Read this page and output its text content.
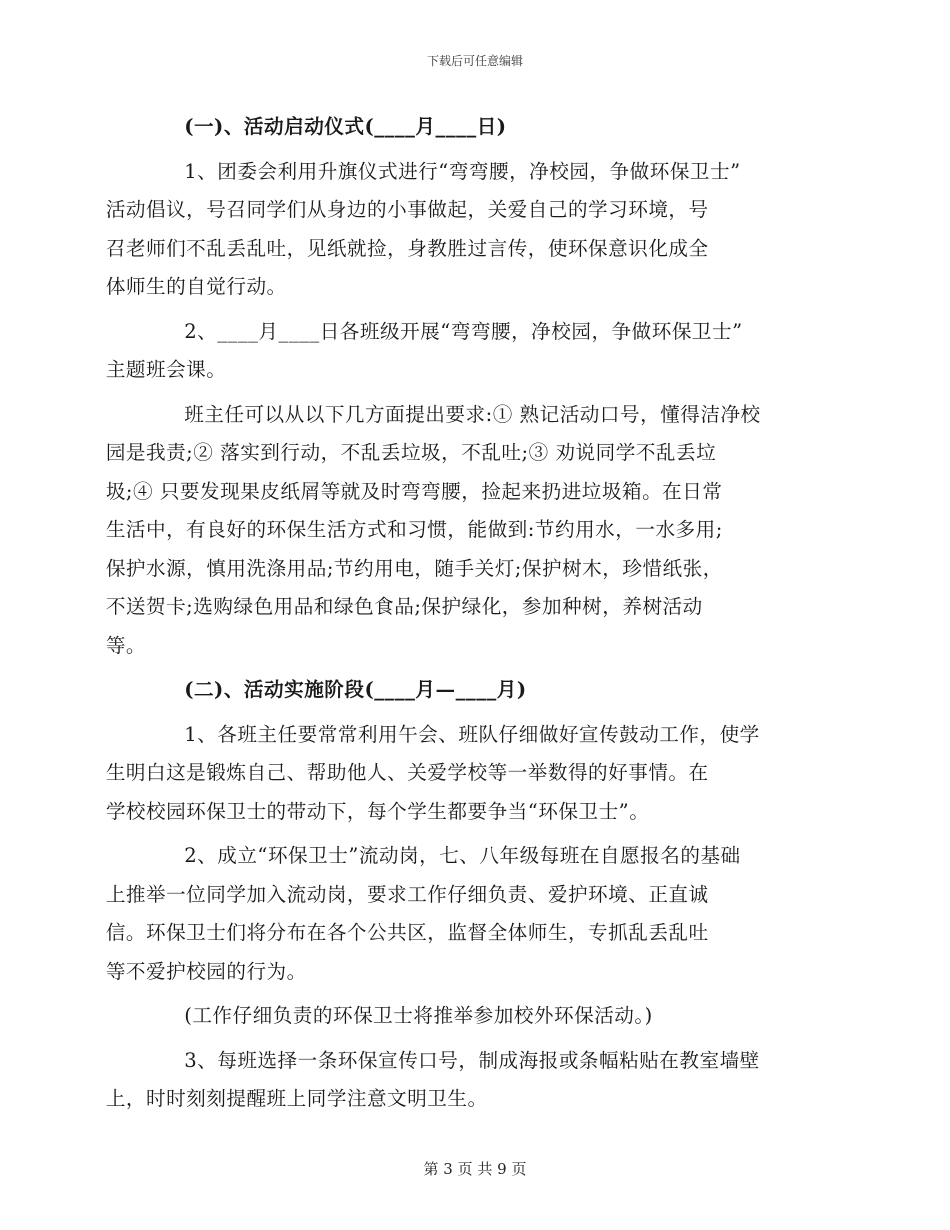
下载后可任意编辑
(一)、活动启动仪式(____月____日)
1、团委会利用升旗仪式进行“弯弯腰，净校园，争做环保卫士”
活动倡议，号召同学们从身边的小事做起，关爱自己的学习环境，号
召老师们不乱丢乱吐，见纸就捡，身教胜过言传，使环保意识化成全
体师生的自觉行动。
2、____月____日各班级开展“弯弯腰，净校园，争做环保卫士”
主题班会课。
班主任可以从以下几方面提出要求:① 熟记活动口号，懂得洁净校
园是我责;② 落实到行动，不乱丢垃圾，不乱吐;③ 劝说同学不乱丢垃
圾;④ 只要发现果皮纸屑等就及时弯弯腰，捡起来扔进垃圾箱。在日常
生活中，有良好的环保生活方式和习惯，能做到:节约用水，一水多用;
保护水源，慎用洗涤用品;节约用电，随手关灯;保护树木，珍惜纸张，
不送贺卡;选购绿色用品和绿色食品;保护绿化，参加种树，养树活动
等。
(二)、活动实施阶段(____月—____月)
1、各班主任要常常利用午会、班队仔细做好宣传鼓动工作，使学
生明白这是锻炼自己、帮助他人、关爱学校等一举数得的好事情。在
学校校园环保卫士的带动下，每个学生都要争当“环保卫士”。
2、成立“环保卫士”流动岗，七、八年级每班在自愿报名的基础
上推举一位同学加入流动岗，要求工作仔细负责、爱护环境、正直诚
信。环保卫士们将分布在各个公共区，监督全体师生，专抓乱丢乱吐
等不爱护校园的行为。
(工作仔细负责的环保卫士将推举参加校外环保活动。)
3、每班选择一条环保宣传口号，制成海报或条幅粘贴在教室墙壁
上，时时刻刻提醒班上同学注意文明卫生。
第 3 页 共 9 页
